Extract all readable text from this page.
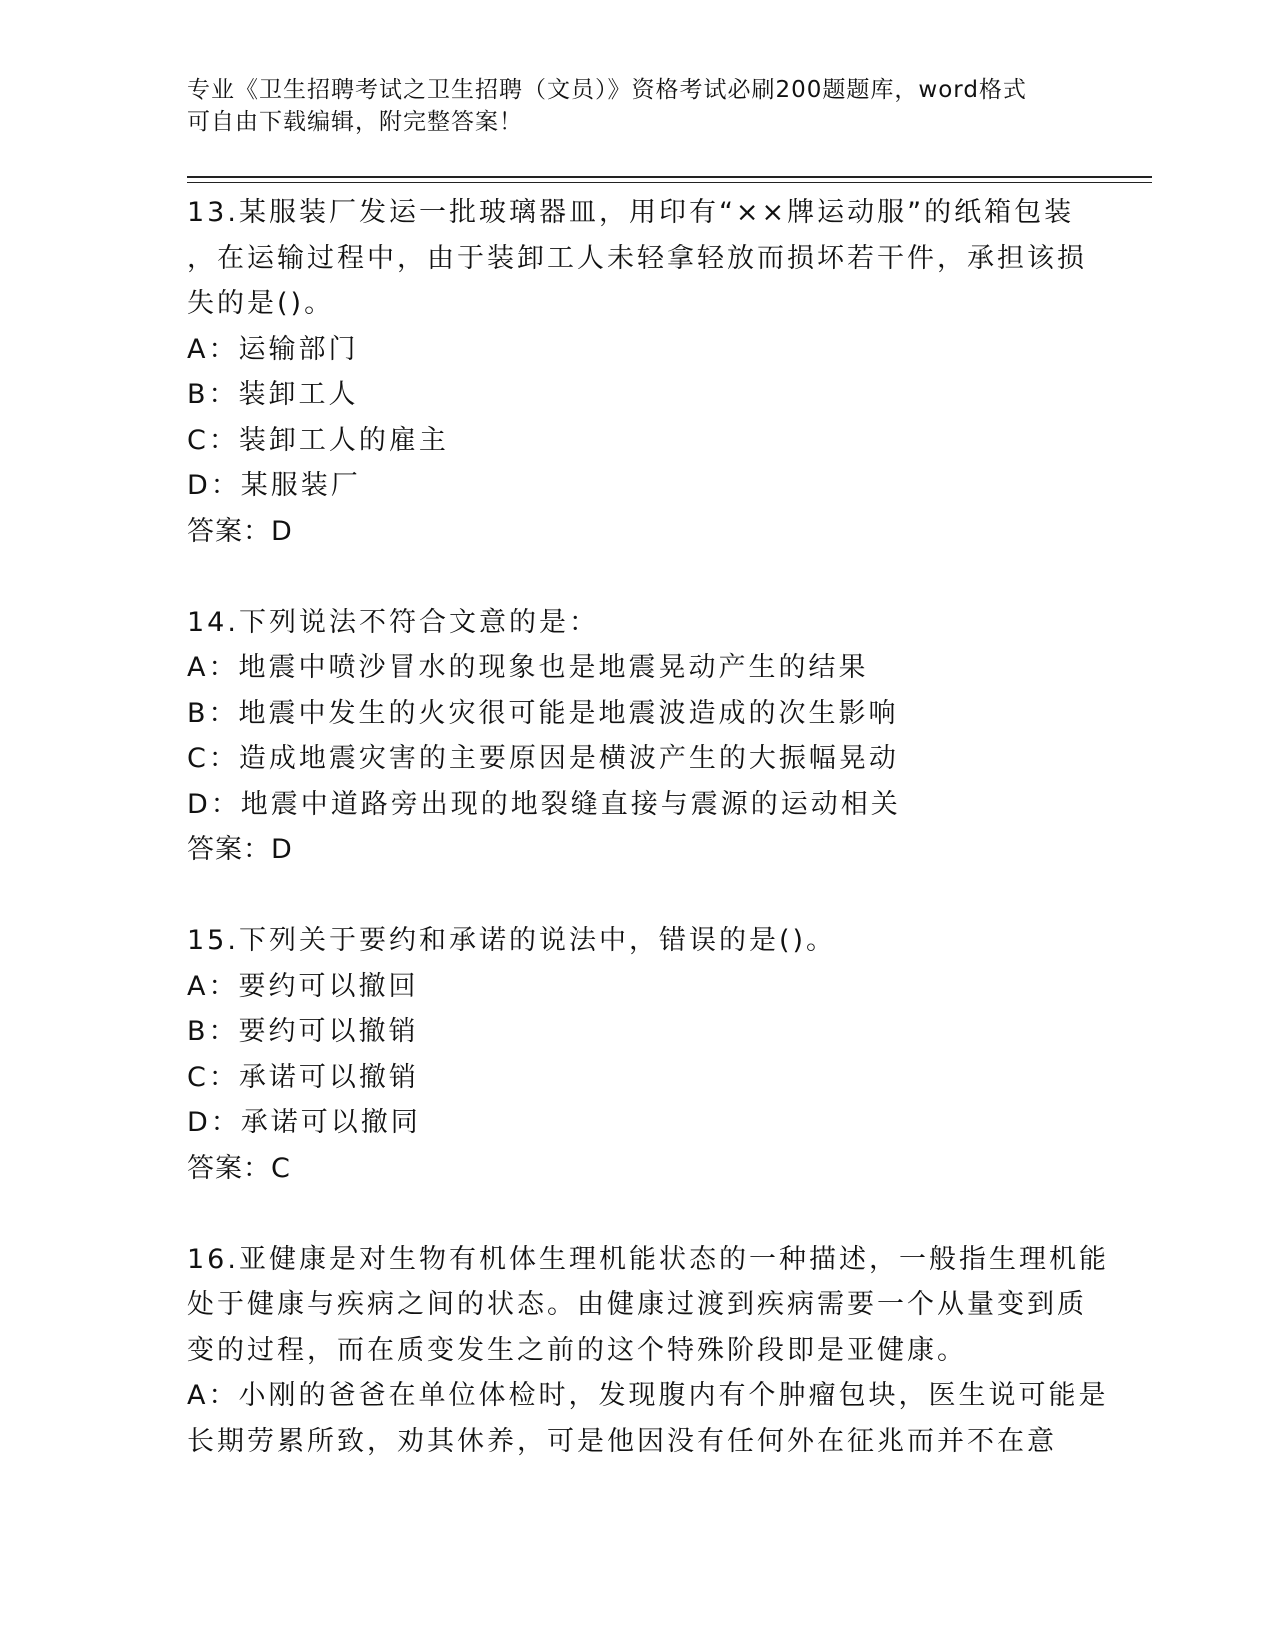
专业《卫生招聘考试之卫生招聘（文员）》资格考试必刷200题题库，word格式
可自由下载编辑，附完整答案！
13.某服装厂发运一批玻璃器皿，用印有“××牌运动服”的纸箱包装
，在运输过程中，由于装卸工人未轻拿轻放而损坏若干件，承担该损
失的是()。
A：运输部门
B：装卸工人
C：装卸工人的雇主
D：某服装厂
答案：D
14.下列说法不符合文意的是：
A：地震中喷沙冒水的现象也是地震晃动产生的结果
B：地震中发生的火灾很可能是地震波造成的次生影响
C：造成地震灾害的主要原因是横波产生的大振幅晃动
D：地震中道路旁出现的地裂缝直接与震源的运动相关
答案：D
15.下列关于要约和承诺的说法中，错误的是()。
A：要约可以撤回
B：要约可以撤销
C：承诺可以撤销
D：承诺可以撤同
答案：C
16.亚健康是对生物有机体生理机能状态的一种描述，一般指生理机能
处于健康与疾病之间的状态。由健康过渡到疾病需要一个从量变到质
变的过程，而在质变发生之前的这个特殊阶段即是亚健康。
A：小刚的爸爸在单位体检时，发现腹内有个肿瘤包块，医生说可能是
长期劳累所致，劝其休养，可是他因没有任何外在征兆而并不在意
